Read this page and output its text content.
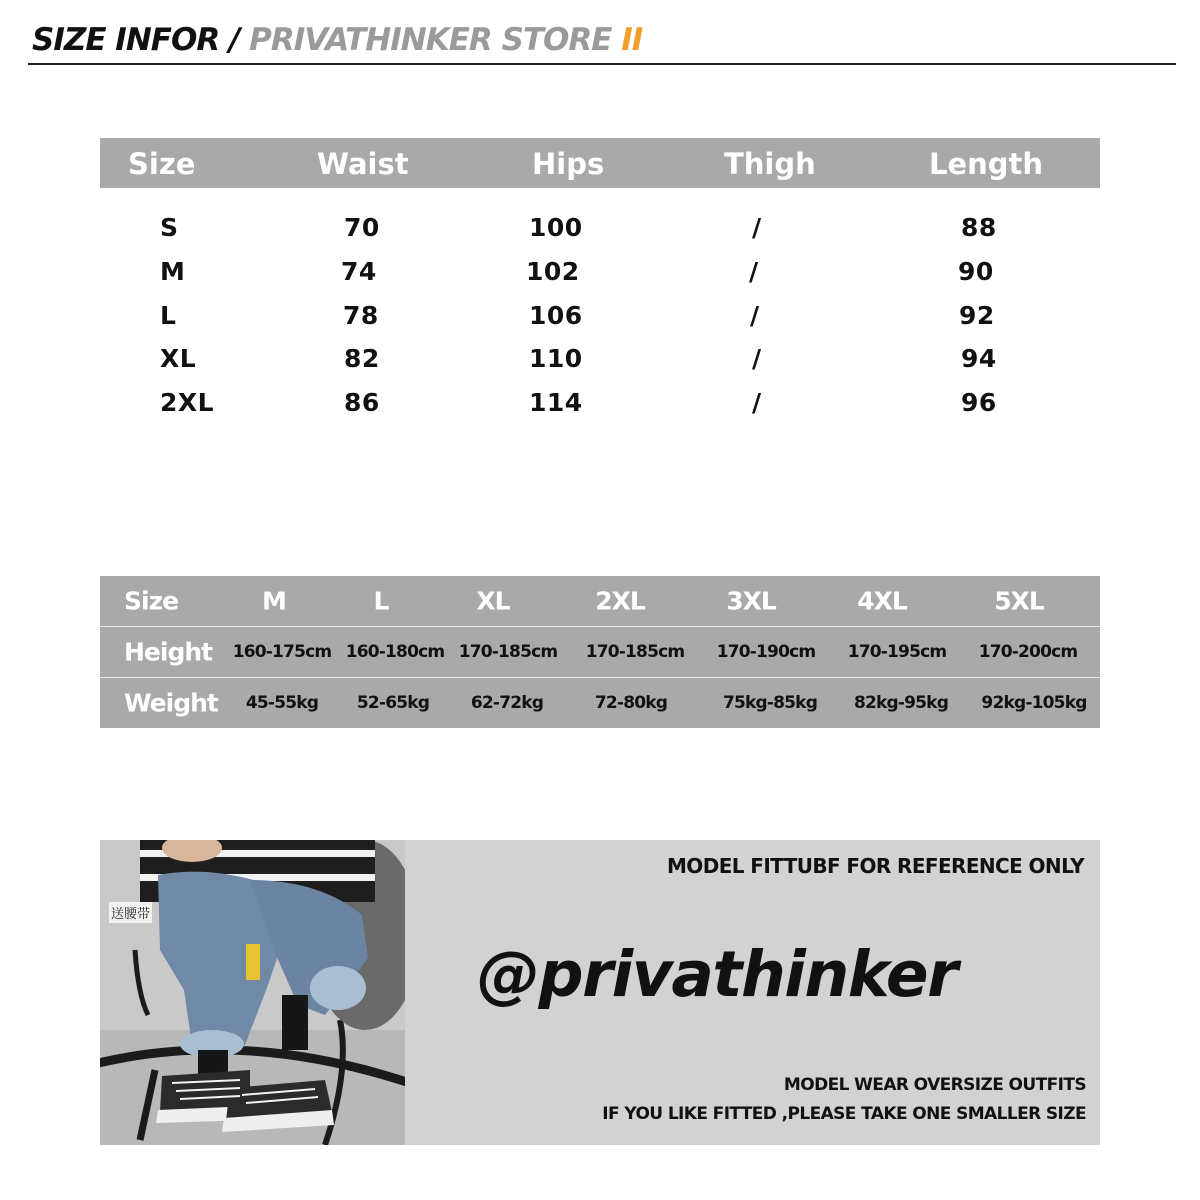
SIZE INFOR / PRIVATHINKER STORE II
Size	Waist	Hips	Thigh	Length
S	70	100	/	88
M	74	102	/	90
L	78	106	/	92
XL	82	110	/	94
2XL	86	114	/	96
Size	M	L	XL	2XL	3XL	4XL	5XL
Height 160-175cm 160-180cm 170-185cm 170-185cm 170-190cm 170-195cm 170-200cm
Weight 45-55kg 52-65kg 62-72kg	72-80kg	75kg-85kg 82kg-95kg 92kg-105kg
送腰带
MODEL FITTUBF FOR REFERENCE ONLY
@privathinker
MODEL WEAR OVERSIZE OUTFITS
IF YOU LIKE FITTED ,PLEASE TAKE ONE SMALLER SIZE
